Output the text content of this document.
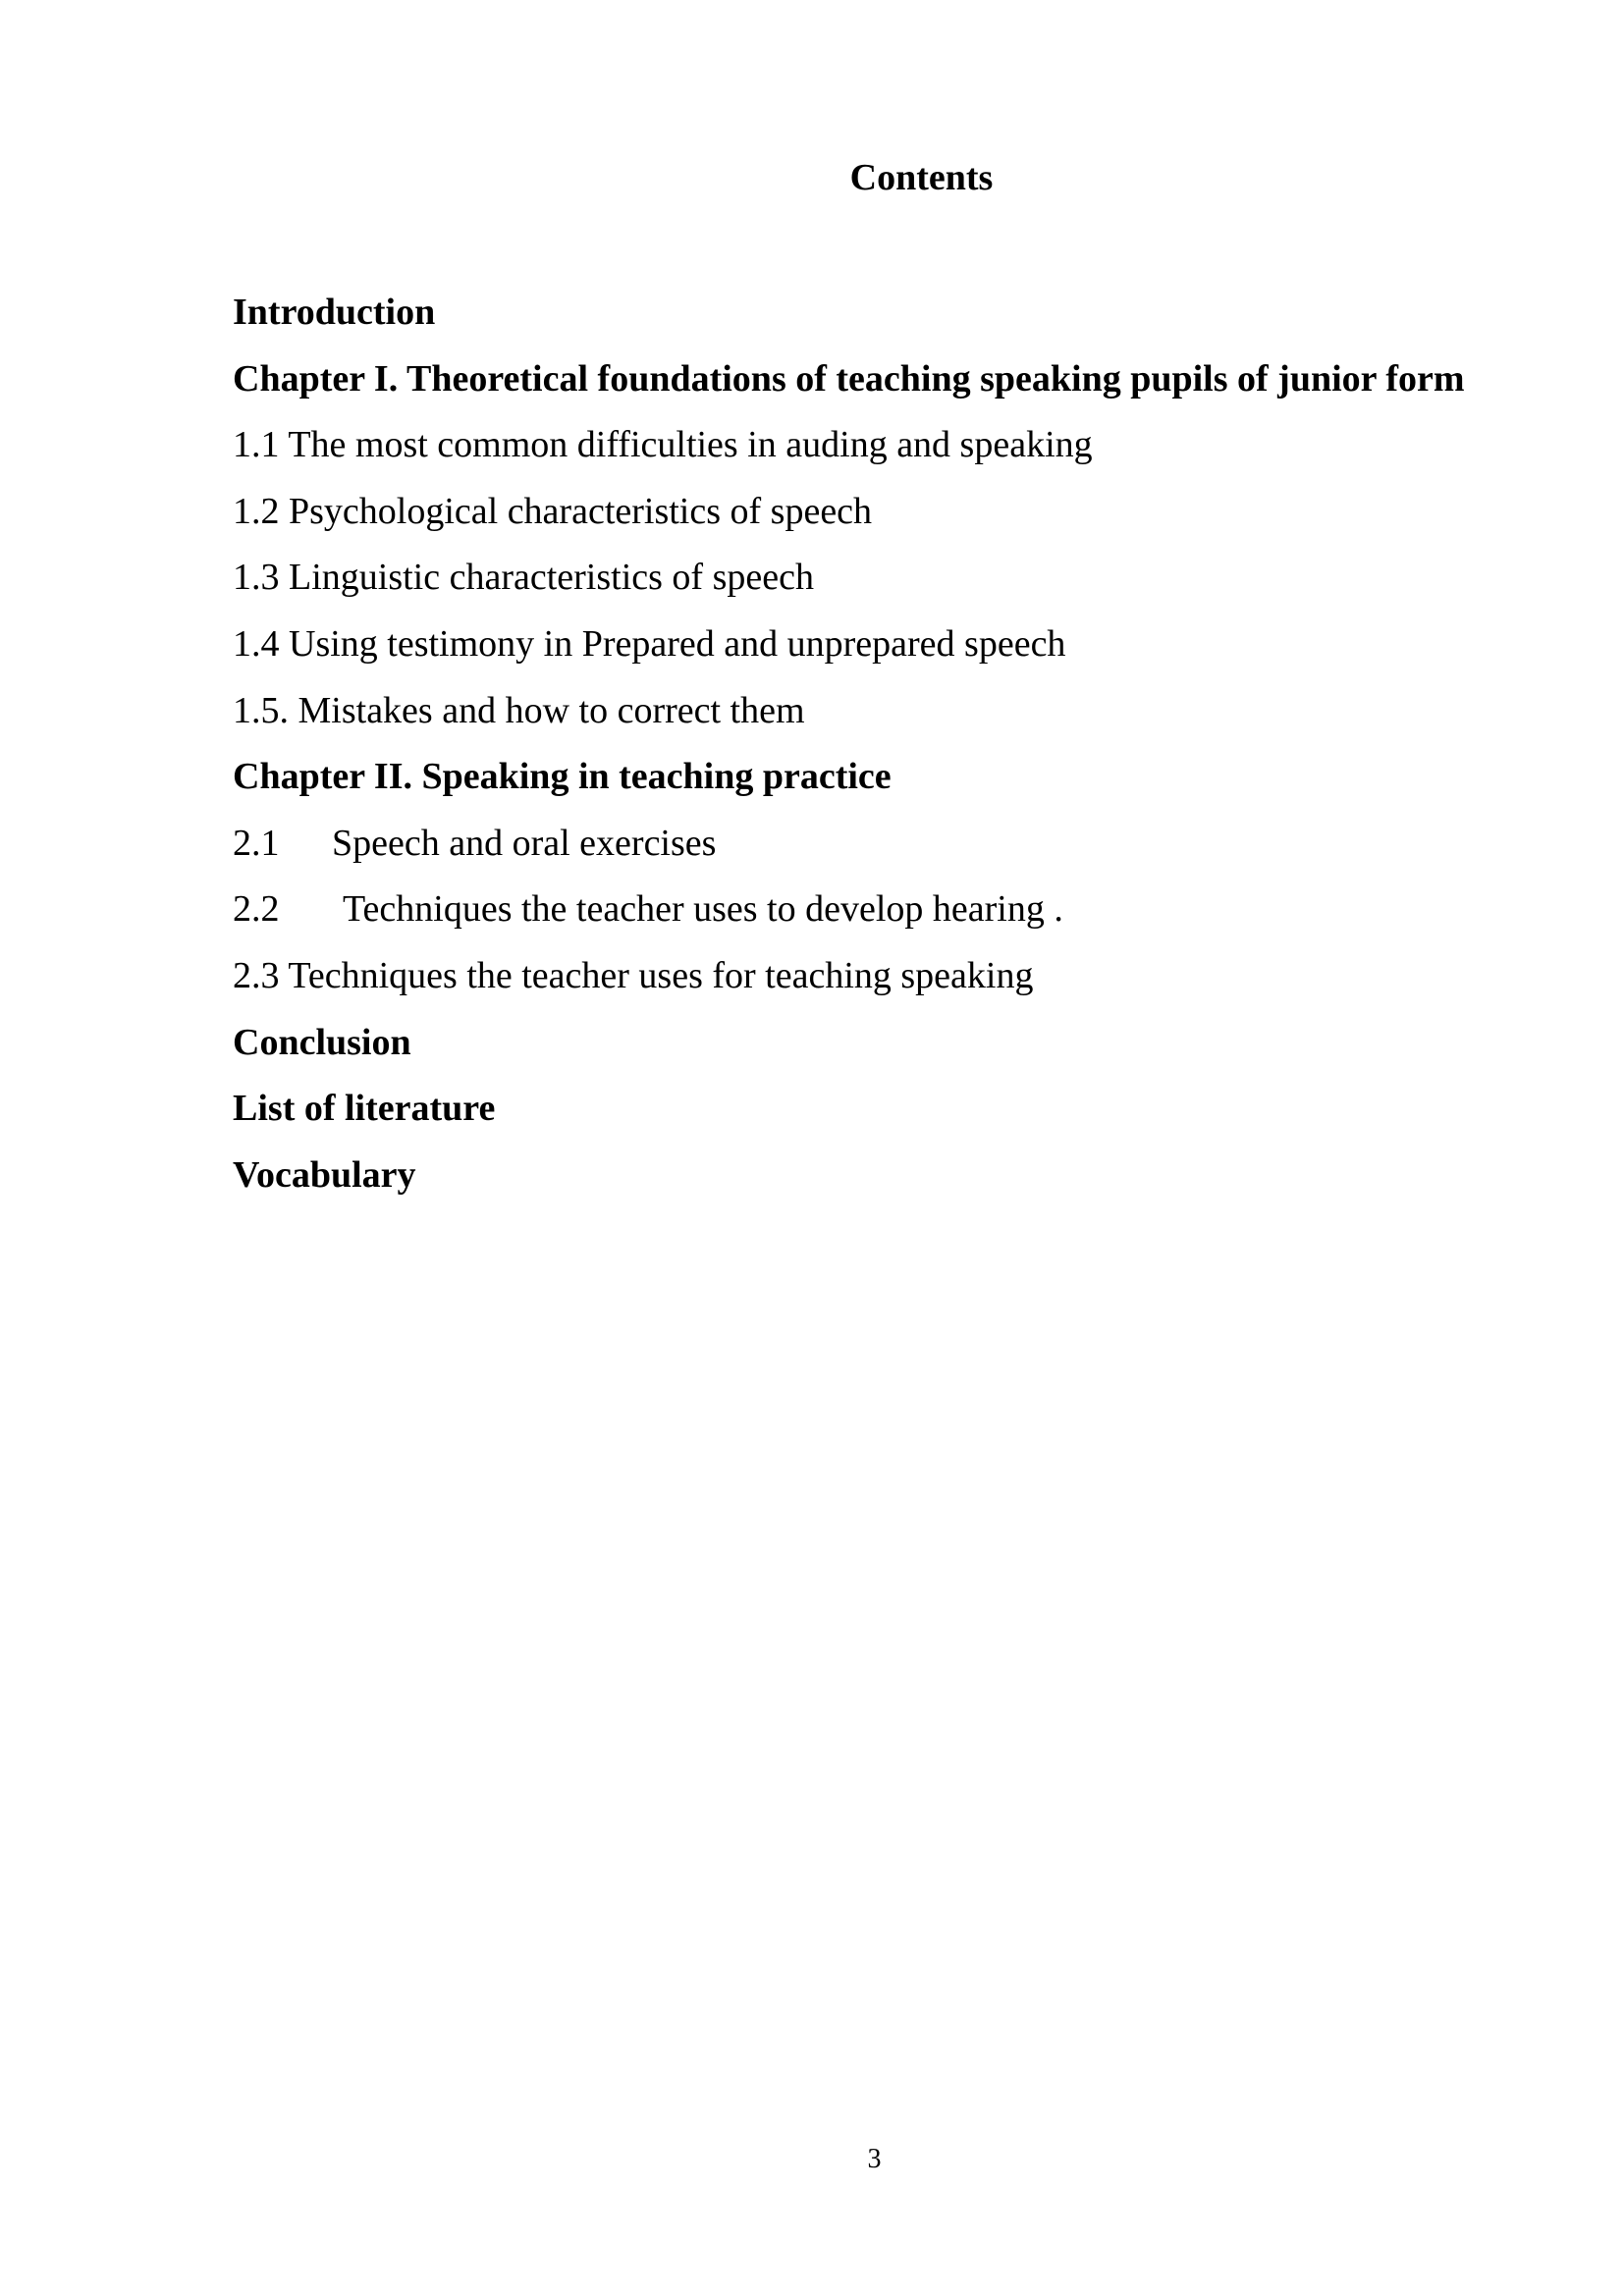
Contents
Introduction
Chapter I. Theoretical foundations of teaching speaking pupils of junior form
1.1 The most common difficulties in auding and speaking
1.2 Psychological characteristics of speech
1.3 Linguistic characteristics of speech
1.4 Using testimony in Prepared and unprepared speech
1.5. Mistakes and how to correct them
Chapter II. Speaking in teaching practice
2.1 Speech and oral exercises
2.2 Techniques the teacher uses to develop hearing .
2.3 Techniques the teacher uses for teaching speaking
Conclusion
List of literature
Vocabulary

3
